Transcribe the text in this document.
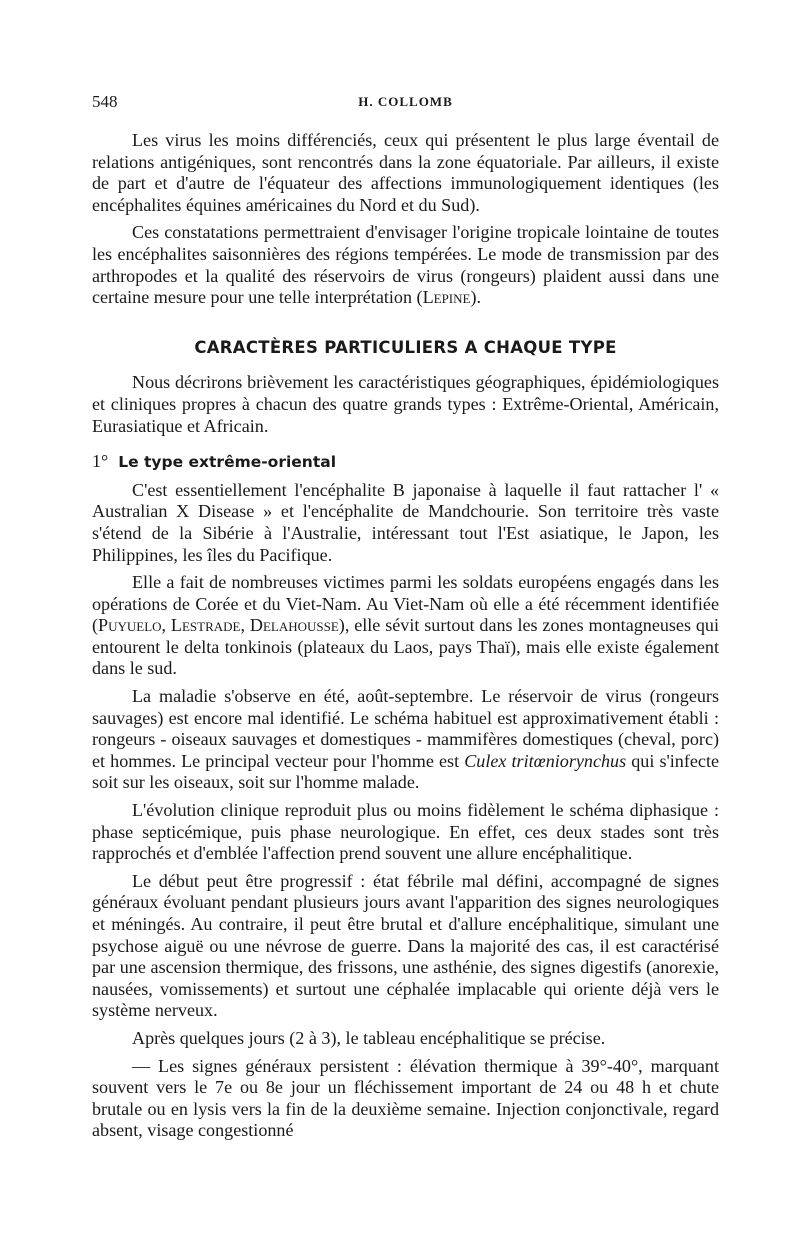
548	H. COLLOMB

Les virus les moins différenciés, ceux qui présentent le plus large éventail de relations antigéniques, sont rencontrés dans la zone équatoriale. Par ailleurs, il existe de part et d'autre de l'équateur des affections immunologiquement identiques (les encéphalites équines américaines du Nord et du Sud).

Ces constatations permettraient d'envisager l'origine tropicale lointaine de toutes les encéphalites saisonnières des régions tempérées. Le mode de transmission par des arthropodes et la qualité des réservoirs de virus (rongeurs) plaident aussi dans une certaine mesure pour une telle interprétation (Lepine).

CARACTÈRES PARTICULIERS A CHAQUE TYPE

Nous décrirons brièvement les caractéristiques géographiques, épidémiologiques et cliniques propres à chacun des quatre grands types : Extrême-Oriental, Américain, Eurasiatique et Africain.

1° Le type extrême-oriental

C'est essentiellement l'encéphalite B japonaise à laquelle il faut rattacher l' « Australian X Disease » et l'encéphalite de Mandchourie. Son territoire très vaste s'étend de la Sibérie à l'Australie, intéressant tout l'Est asiatique, le Japon, les Philippines, les îles du Pacifique.

Elle a fait de nombreuses victimes parmi les soldats européens engagés dans les opérations de Corée et du Viet-Nam. Au Viet-Nam où elle a été récemment identifiée (Puyuelo, Lestrade, Delahousse), elle sévit surtout dans les zones montagneuses qui entourent le delta tonkinois (plateaux du Laos, pays Thaï), mais elle existe également dans le sud.

La maladie s'observe en été, août-septembre. Le réservoir de virus (rongeurs sauvages) est encore mal identifié. Le schéma habituel est approximativement établi : rongeurs - oiseaux sauvages et domestiques - mammifères domestiques (cheval, porc) et hommes. Le principal vecteur pour l'homme est Culex tritœniorynchus qui s'infecte soit sur les oiseaux, soit sur l'homme malade.

L'évolution clinique reproduit plus ou moins fidèlement le schéma diphasique : phase septicémique, puis phase neurologique. En effet, ces deux stades sont très rapprochés et d'emblée l'affection prend souvent une allure encéphalitique.

Le début peut être progressif : état fébrile mal défini, accompagné de signes généraux évoluant pendant plusieurs jours avant l'apparition des signes neurologiques et méningés. Au contraire, il peut être brutal et d'allure encéphalitique, simulant une psychose aiguë ou une névrose de guerre. Dans la majorité des cas, il est caractérisé par une ascension thermique, des frissons, une asthénie, des signes digestifs (anorexie, nausées, vomissements) et surtout une céphalée implacable qui oriente déjà vers le système nerveux.

Après quelques jours (2 à 3), le tableau encéphalitique se précise.

— Les signes généraux persistent : élévation thermique à 39°-40°, marquant souvent vers le 7e ou 8e jour un fléchissement important de 24 ou 48 h et chute brutale ou en lysis vers la fin de la deuxième semaine. Injection conjonctivale, regard absent, visage congestionné
